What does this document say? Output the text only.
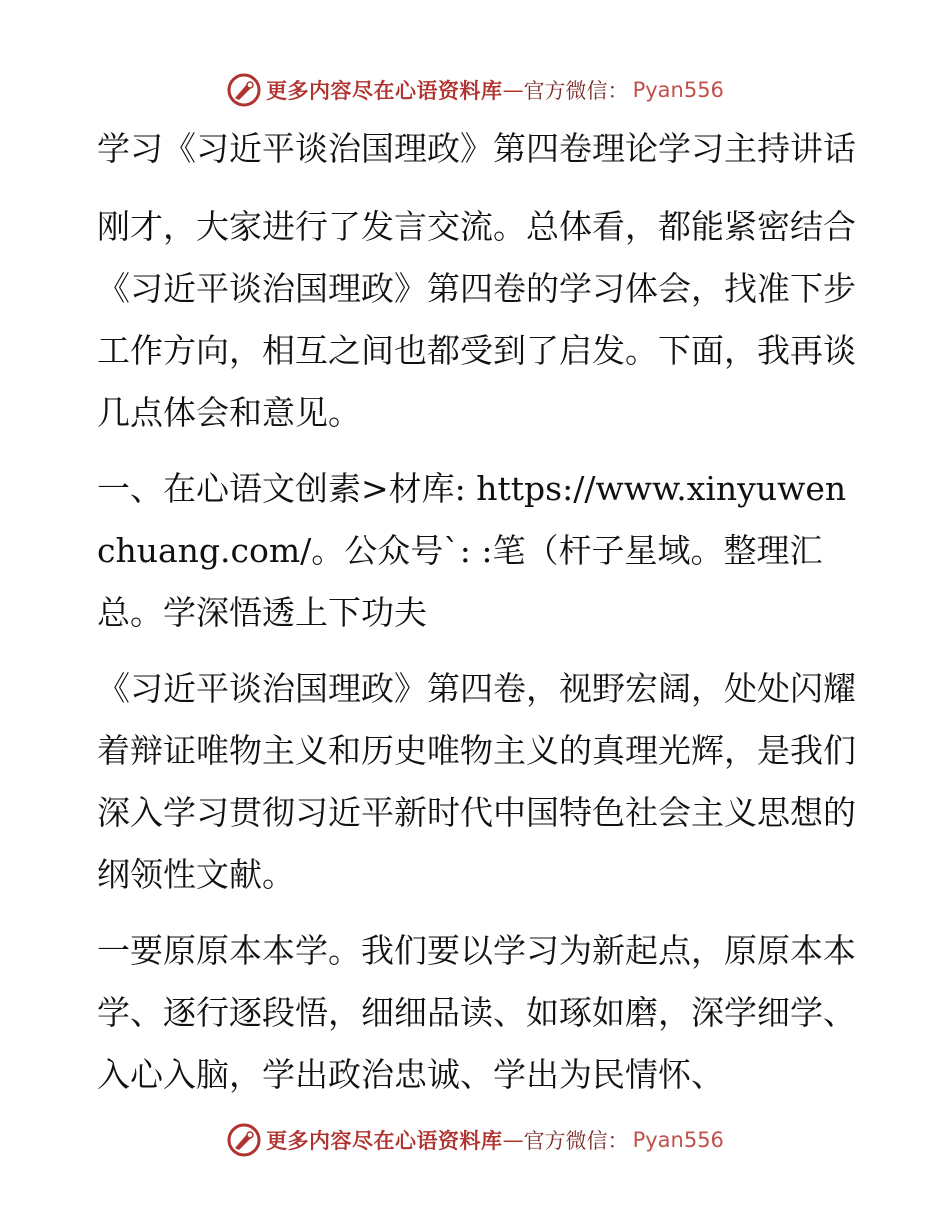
更多内容尽在心语资料库 — 官方微信： Pyan556

学习《习近平谈治国理政》第四卷理论学习主持讲话

刚才，大家进行了发言交流。总体看，都能紧密结合《习近平谈治国理政》第四卷的学习体会，找准下步工作方向，相互之间也都受到了启发。下面，我再谈几点体会和意见。

一、在心语文创素>材库: https://www.xinyuwenchuang.com/。公众号`: :笔（杆子星域。整理汇总。学深悟透上下功夫

《习近平谈治国理政》第四卷，视野宏阔，处处闪耀着辩证唯物主义和历史唯物主义的真理光辉，是我们深入学习贯彻习近平新时代中国特色社会主义思想的纲领性文献。

一要原原本本学。我们要以学习为新起点，原原本本学、逐行逐段悟，细细品读、如琢如磨，深学细学、入心入脑，学出政治忠诚、学出为民情怀、

更多内容尽在心语资料库 — 官方微信： Pyan556
